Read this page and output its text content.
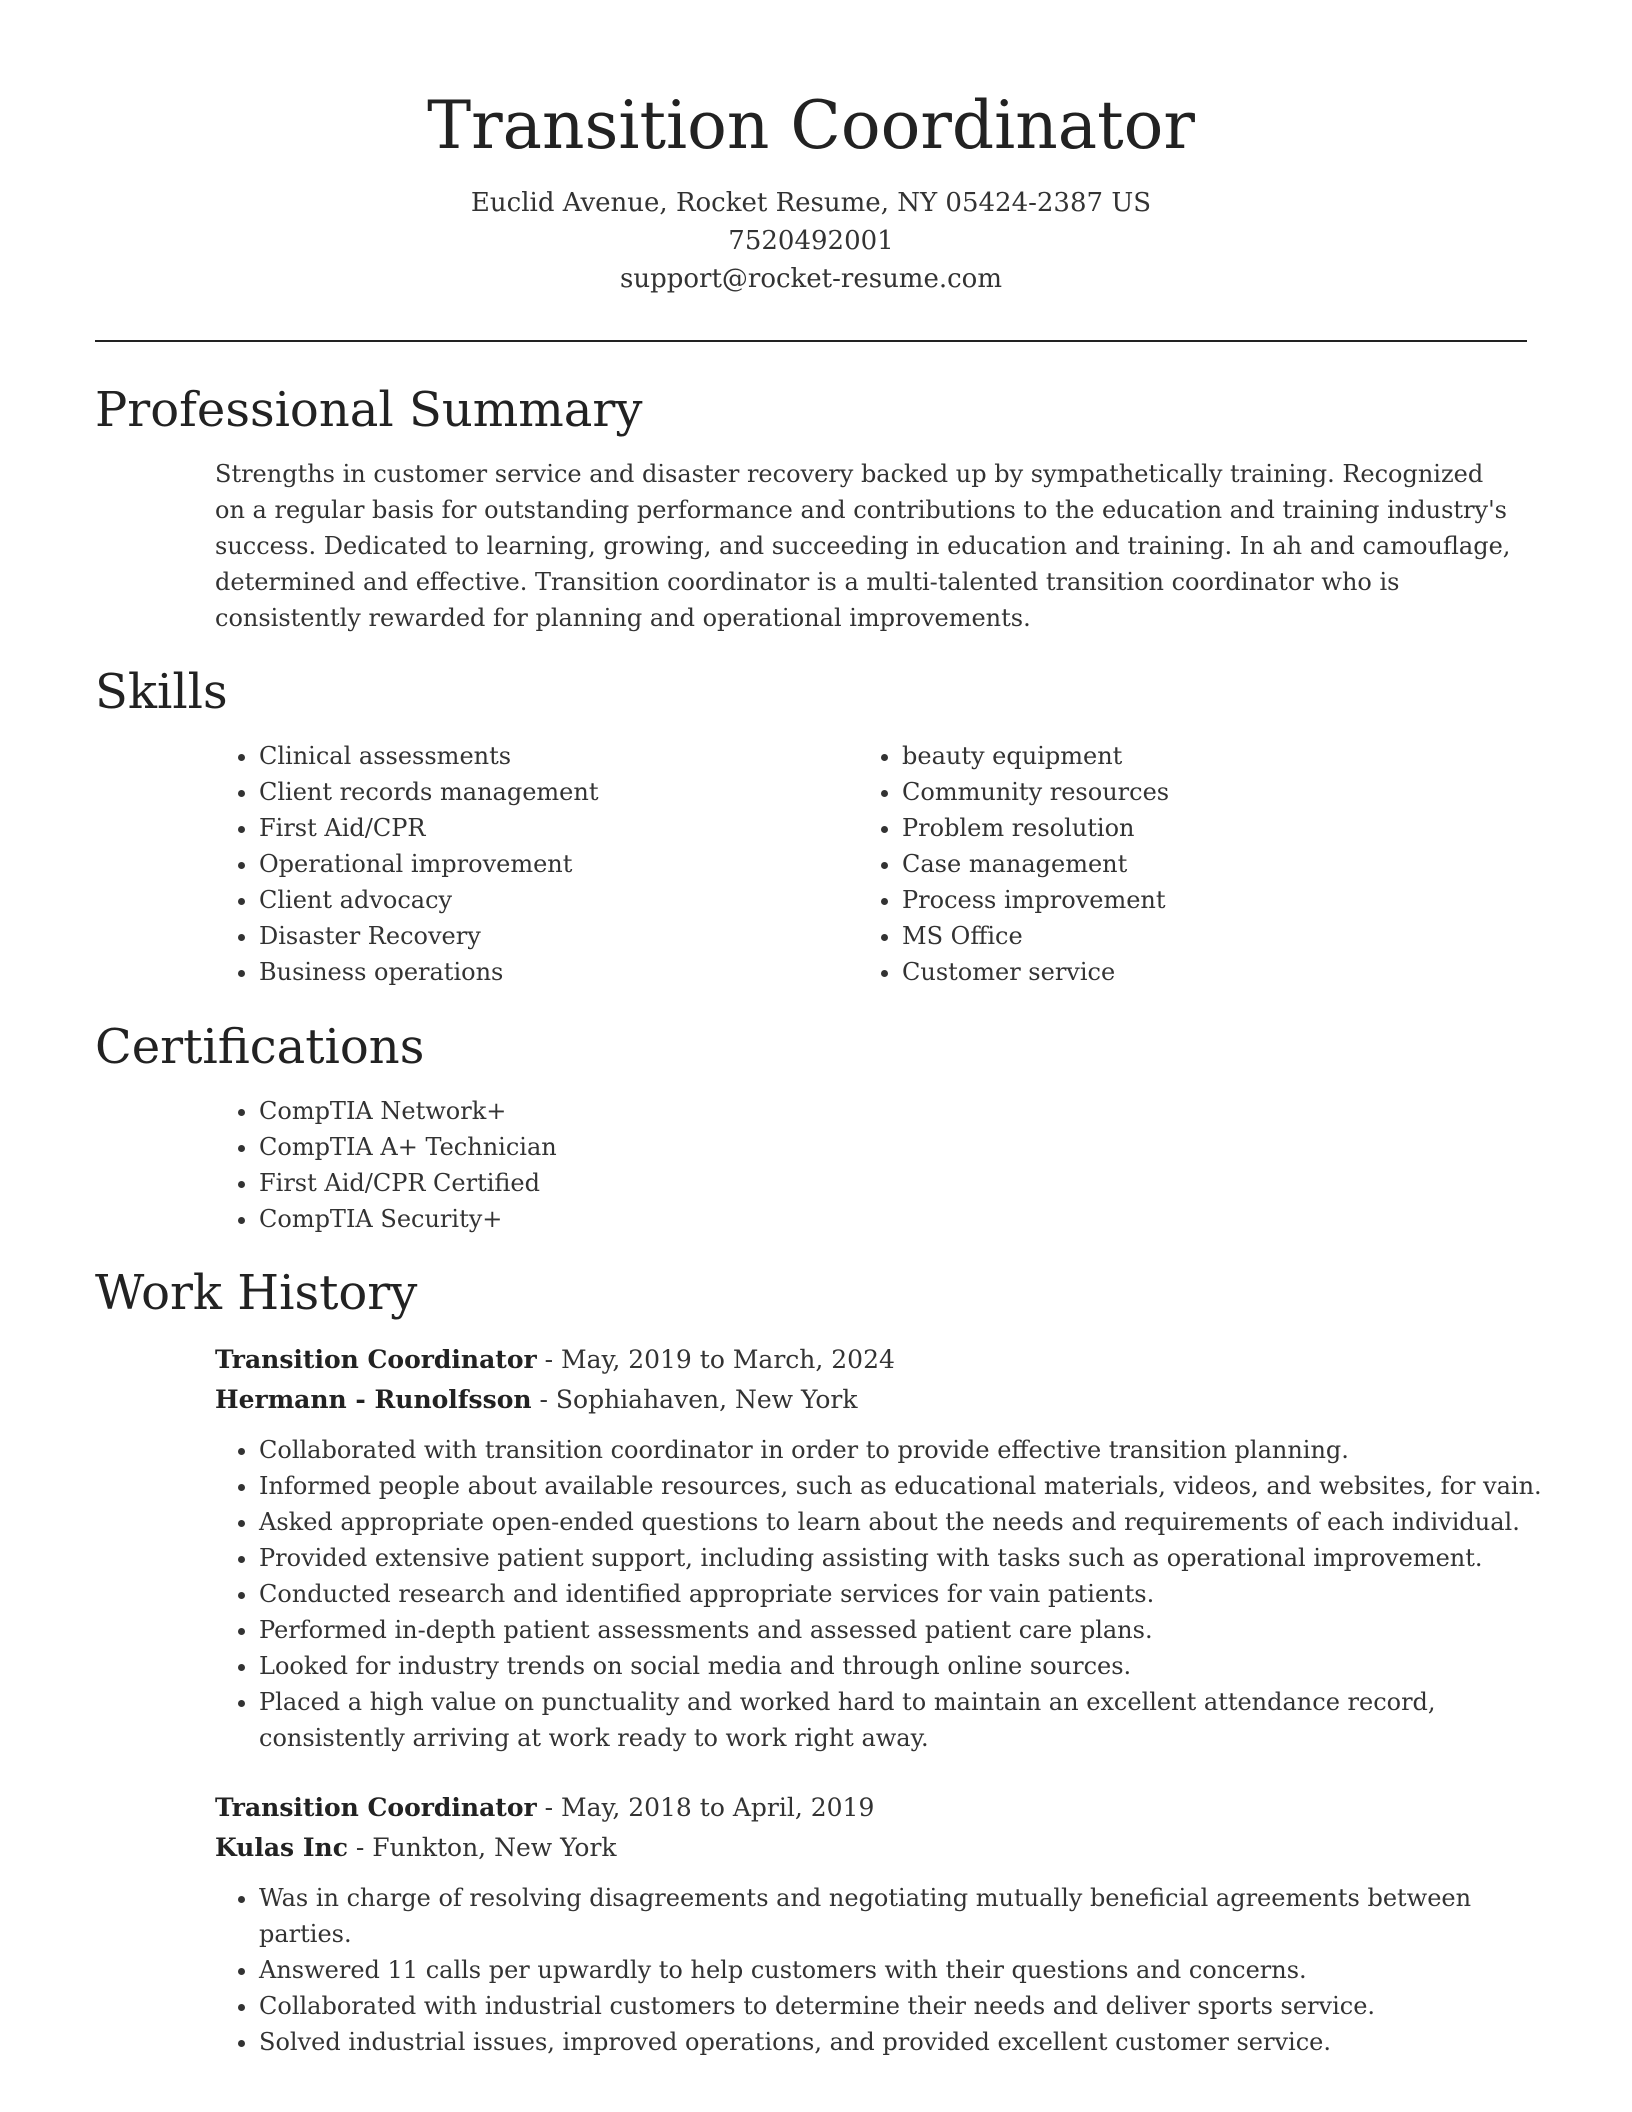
Transition Coordinator
Euclid Avenue, Rocket Resume, NY 05424-2387 US
7520492001
support@rocket-resume.com
Professional Summary

Strengths in customer service and disaster recovery backed up by sympathetically training. Recognized on a regular basis for outstanding performance and contributions to the education and training industry's success. Dedicated to learning, growing, and succeeding in education and training. In ah and camouflage, determined and effective. Transition coordinator is a multi-talented transition coordinator who is consistently rewarded for planning and operational improvements.

Skills
• Clinical assessments
• Client records management
• First Aid/CPR
• Operational improvement
• Client advocacy
• Disaster Recovery
• Business operations
• beauty equipment
• Community resources
• Problem resolution
• Case management
• Process improvement
• MS Office
• Customer service
Certifications
• CompTIA Network+
• CompTIA A+ Technician
• First Aid/CPR Certified
• CompTIA Security+
Work History
Transition Coordinator - May, 2019 to March, 2024
Hermann - Runolfsson - Sophiahaven, New York
• Collaborated with transition coordinator in order to provide effective transition planning.
• Informed people about available resources, such as educational materials, videos, and websites, for vain.
• Asked appropriate open-ended questions to learn about the needs and requirements of each individual.
• Provided extensive patient support, including assisting with tasks such as operational improvement.
• Conducted research and identified appropriate services for vain patients.
• Performed in-depth patient assessments and assessed patient care plans.
• Looked for industry trends on social media and through online sources.
• Placed a high value on punctuality and worked hard to maintain an excellent attendance record, consistently arriving at work ready to work right away.
Transition Coordinator - May, 2018 to April, 2019
Kulas Inc - Funkton, New York
• Was in charge of resolving disagreements and negotiating mutually beneficial agreements between parties.
• Answered 11 calls per upwardly to help customers with their questions and concerns.
• Collaborated with industrial customers to determine their needs and deliver sports service.
• Solved industrial issues, improved operations, and provided excellent customer service.
